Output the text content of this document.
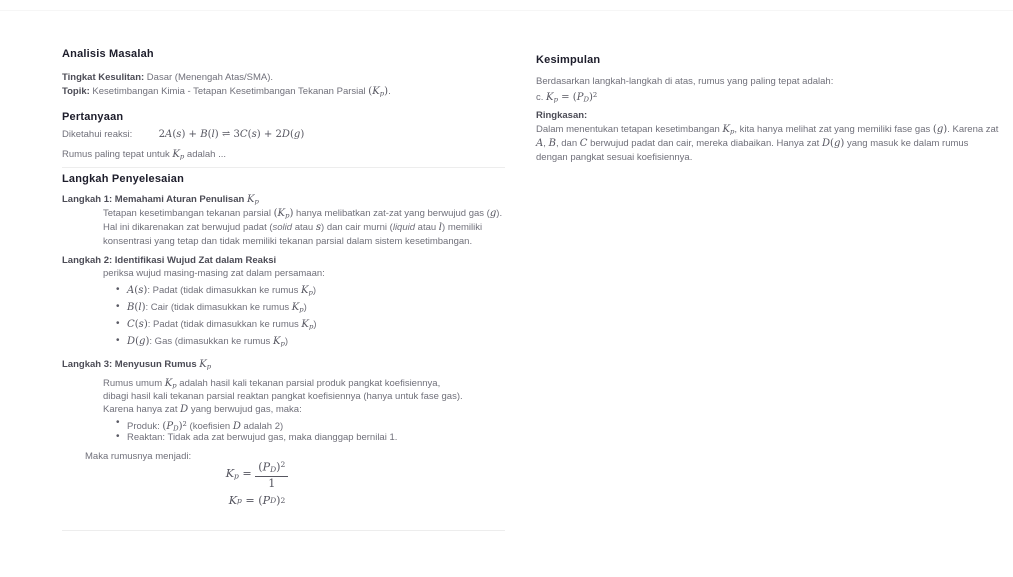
Analisis Masalah
Tingkat Kesulitan: Dasar (Menengah Atas/SMA).
Topik: Kesetimbangan Kimia - Tetapan Kesetimbangan Tekanan Parsial (Kp).
Pertanyaan
Diketahui reaksi:	2A(s) + B(l) ⇌ 3C(s) + 2D(g)
Rumus paling tepat untuk Kp adalah ...
Langkah Penyelesaian
Langkah 1: Memahami Aturan Penulisan Kp
Tetapan kesetimbangan tekanan parsial (Kp) hanya melibatkan zat-zat yang berwujud gas (g).
Hal ini dikarenakan zat berwujud padat (solid atau s) dan cair murni (liquid atau l) memiliki
konsentrasi yang tetap dan tidak memiliki tekanan parsial dalam sistem kesetimbangan.
Langkah 2: Identifikasi Wujud Zat dalam Reaksi
periksa wujud masing-masing zat dalam persamaan:
• A(s): Padat (tidak dimasukkan ke rumus Kp)
• B(l): Cair (tidak dimasukkan ke rumus Kp)
• C(s): Padat (tidak dimasukkan ke rumus Kp)
• D(g): Gas (dimasukkan ke rumus Kp)
Langkah 3: Menyusun Rumus Kp
Rumus umum Kp adalah hasil kali tekanan parsial produk pangkat koefisiennya,
dibagi hasil kali tekanan parsial reaktan pangkat koefisiennya (hanya untuk fase gas).
Karena hanya zat D yang berwujud gas, maka:
• Produk: (PD)$^2$ (koefisien D adalah 2)
• Reaktan: Tidak ada zat berwujud gas, maka dianggap bernilai 1.
Maka rumusnya menjadi:
$Kp = \frac{(PD)^2}{1}$
K p = ( P D ) 2
Kesimpulan
Berdasarkan langkah-langkah di atas, rumus yang paling tepat adalah:
c. Kp = (PD)$^2$
Ringkasan:
Dalam menentukan tetapan kesetimbangan Kp, kita hanya melihat zat yang memiliki fase gas (g). Karena zat
A, B, dan C berwujud padat dan cair, mereka diabaikan. Hanya zat D(g) yang masuk ke dalam rumus
dengan pangkat sesuai koefisiennya.
